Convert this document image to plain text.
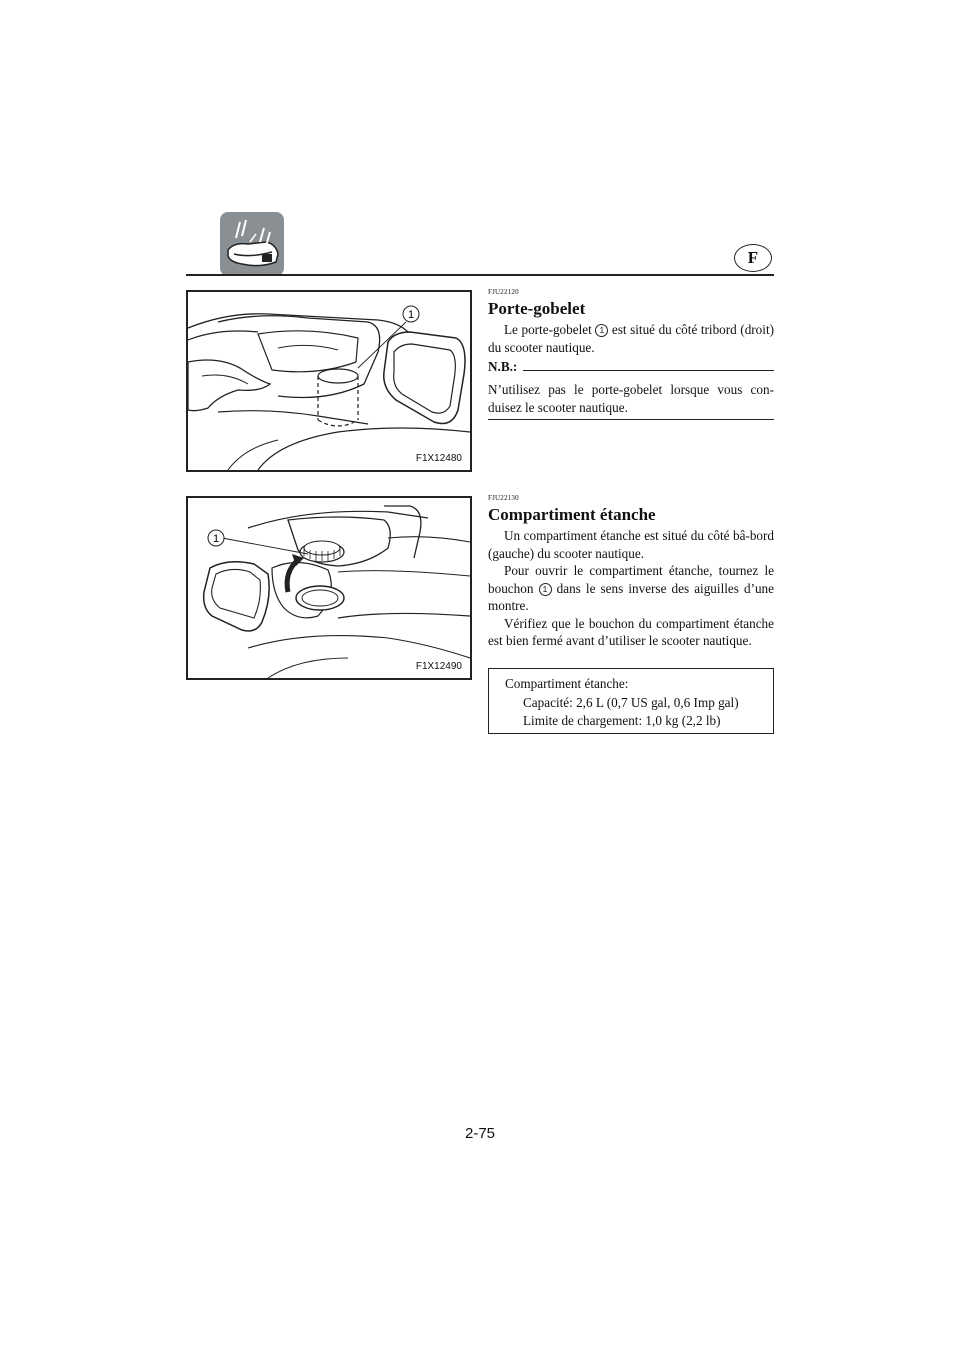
F
1
F1X12480
1
F1X12490
FJU22120
Porte-gobelet
Le porte-gobelet 1 est situé du côté tribord (droit) du scooter nautique.
N.B.:
N’utilisez pas le porte-gobelet lorsque vous con-duisez le scooter nautique.
FJU22130
Compartiment étanche
Un compartiment étanche est situé du côté bâ-bord (gauche) du scooter nautique.
Pour ouvrir le compartiment étanche, tournez le bouchon 1 dans le sens inverse des aiguilles d’une montre.
Vérifiez que le bouchon du compartiment étanche est bien fermé avant d’utiliser le scooter nautique.
Compartiment étanche:
Capacité: 2,6 L (0,7 US gal, 0,6 Imp gal)
Limite de chargement: 1,0 kg (2,2 lb)
2-75
